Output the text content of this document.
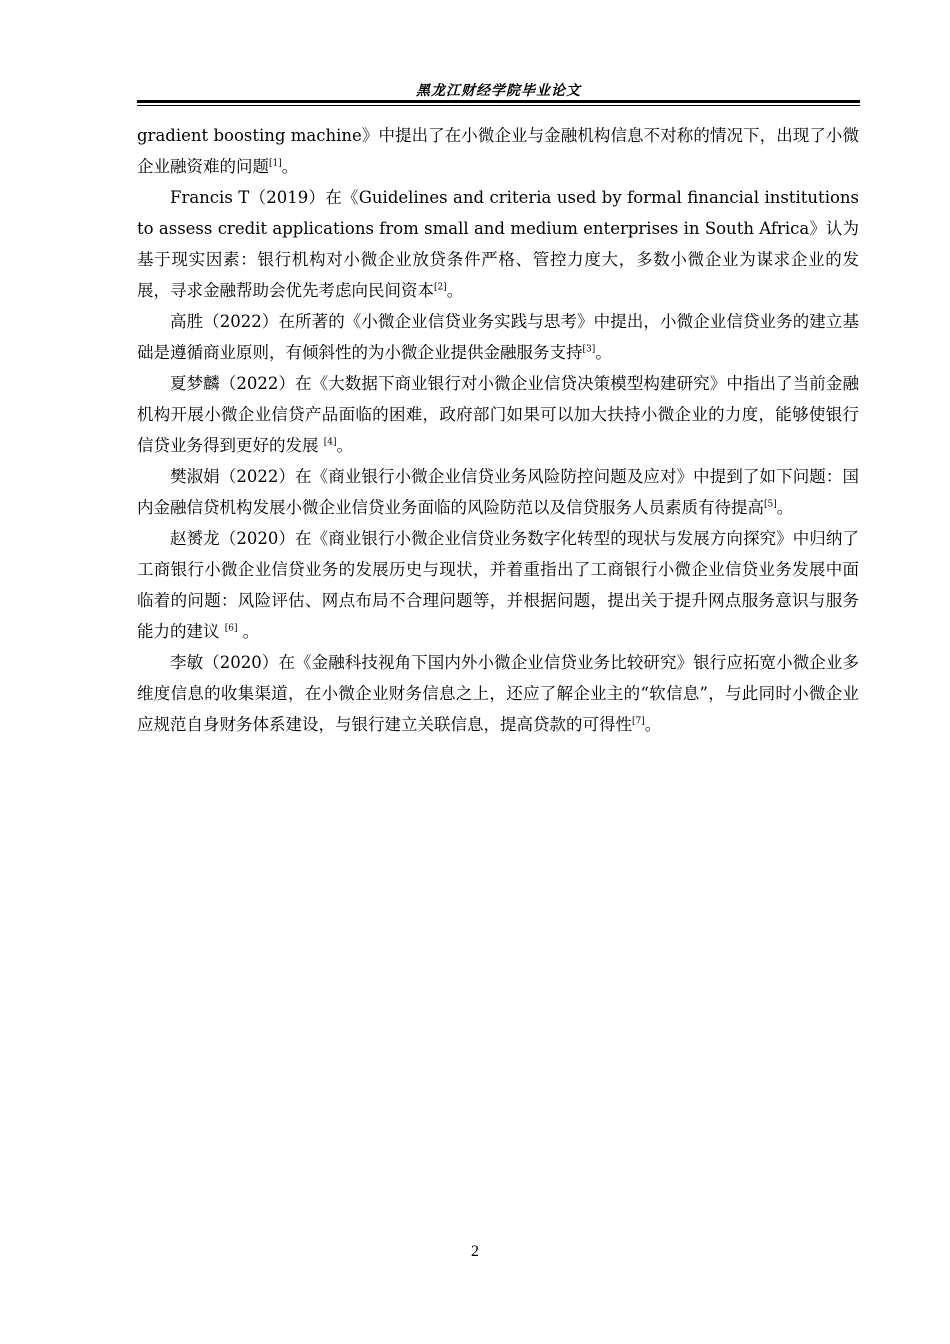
黑龙江财经学院毕业论文

gradient boosting machine》中提出了在小微企业与金融机构信息不对称的情况下，出现了小微企业融资难的问题[1]。

Francis T（2019）在《Guidelines and criteria used by formal financial institutions to assess credit applications from small and medium enterprises in South Africa》认为基于现实因素：银行机构对小微企业放贷条件严格、管控力度大，多数小微企业为谋求企业的发展，寻求金融帮助会优先考虑向民间资本[2]。

高胜（2022）在所著的《小微企业信贷业务实践与思考》中提出，小微企业信贷业务的建立基础是遵循商业原则，有倾斜性的为小微企业提供金融服务支持[3]。

夏梦麟（2022）在《大数据下商业银行对小微企业信贷决策模型构建研究》中指出了当前金融机构开展小微企业信贷产品面临的困难，政府部门如果可以加大扶持小微企业的力度，能够使银行信贷业务得到更好的发展 [4]。

樊淑娟（2022）在《商业银行小微企业信贷业务风险防控问题及应对》中提到了如下问题：国内金融信贷机构发展小微企业信贷业务面临的风险防范以及信贷服务人员素质有待提高[5]。

赵赟龙（2020）在《商业银行小微企业信贷业务数字化转型的现状与发展方向探究》中归纳了工商银行小微企业信贷业务的发展历史与现状，并着重指出了工商银行小微企业信贷业务发展中面临着的问题：风险评估、网点布局不合理问题等，并根据问题，提出关于提升网点服务意识与服务能力的建议 [6] 。

李敏（2020）在《金融科技视角下国内外小微企业信贷业务比较研究》银行应拓宽小微企业多维度信息的收集渠道，在小微企业财务信息之上，还应了解企业主的“软信息”，与此同时小微企业应规范自身财务体系建设，与银行建立关联信息，提高贷款的可得性[7]。

2
